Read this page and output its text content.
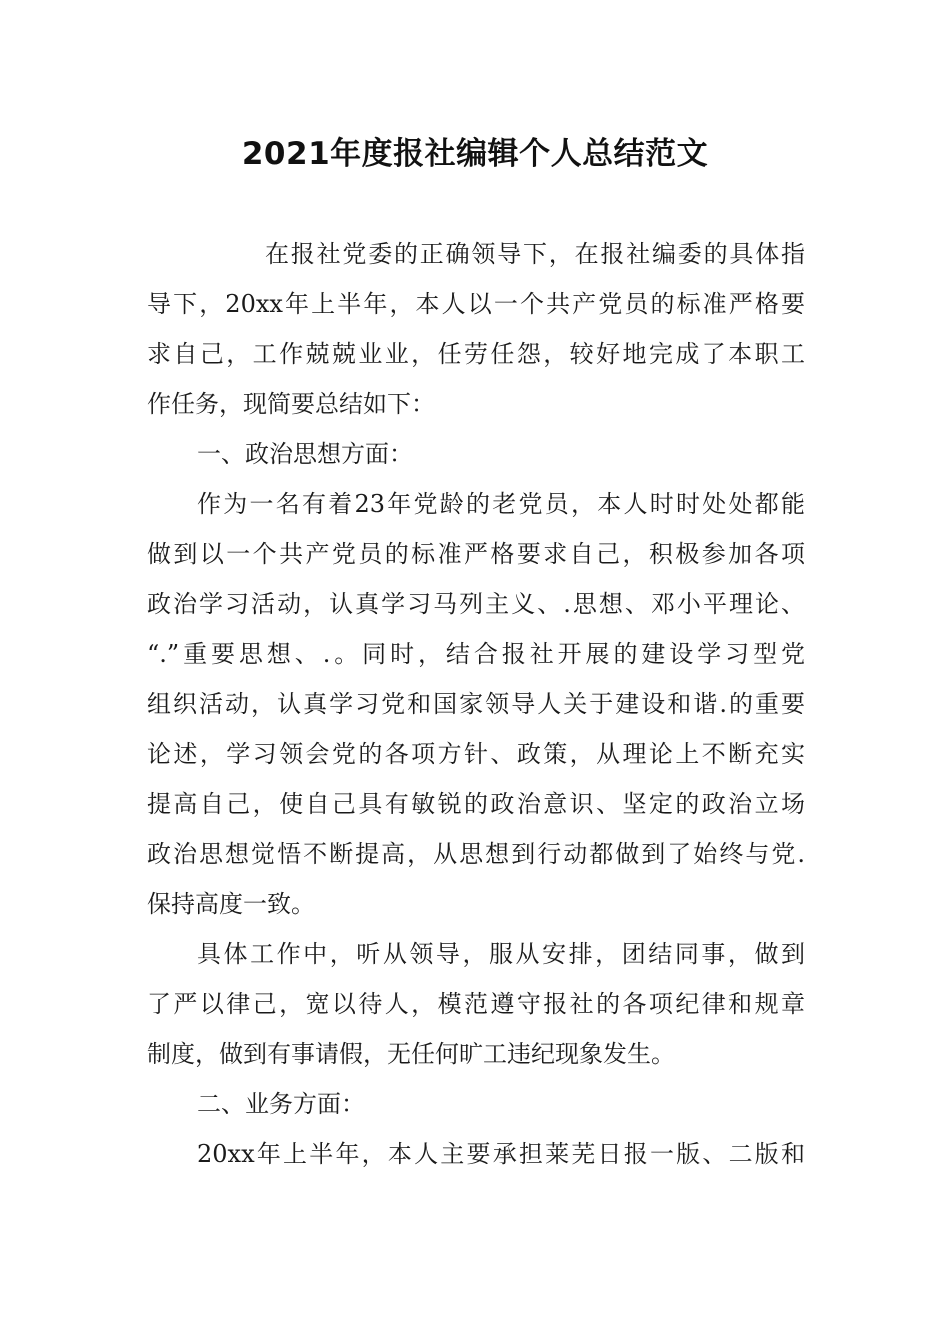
2021年度报社编辑个人总结范文
在报社党委的正确领导下，在报社编委的具体指
导下，20xx年上半年，本人以一个共产党员的标准严格要
求自己，工作兢兢业业，任劳任怨，较好地完成了本职工
作任务，现简要总结如下：
一、政治思想方面：
作为一名有着23年党龄的老党员，本人时时处处都能
做到以一个共产党员的标准严格要求自己，积极参加各项
政治学习活动，认真学习马列主义、.思想、邓小平理论、
“.”重要思想、.。同时，结合报社开展的建设学习型党
组织活动，认真学习党和国家领导人关于建设和谐.的重要
论述，学习领会党的各项方针、政策，从理论上不断充实
提高自己，使自己具有敏锐的政治意识、坚定的政治立场
政治思想觉悟不断提高，从思想到行动都做到了始终与党.
保持高度一致。
具体工作中，听从领导，服从安排，团结同事，做到
了严以律己，宽以待人，模范遵守报社的各项纪律和规章
制度，做到有事请假，无任何旷工违纪现象发生。
二、业务方面：
20xx年上半年，本人主要承担莱芜日报一版、二版和
